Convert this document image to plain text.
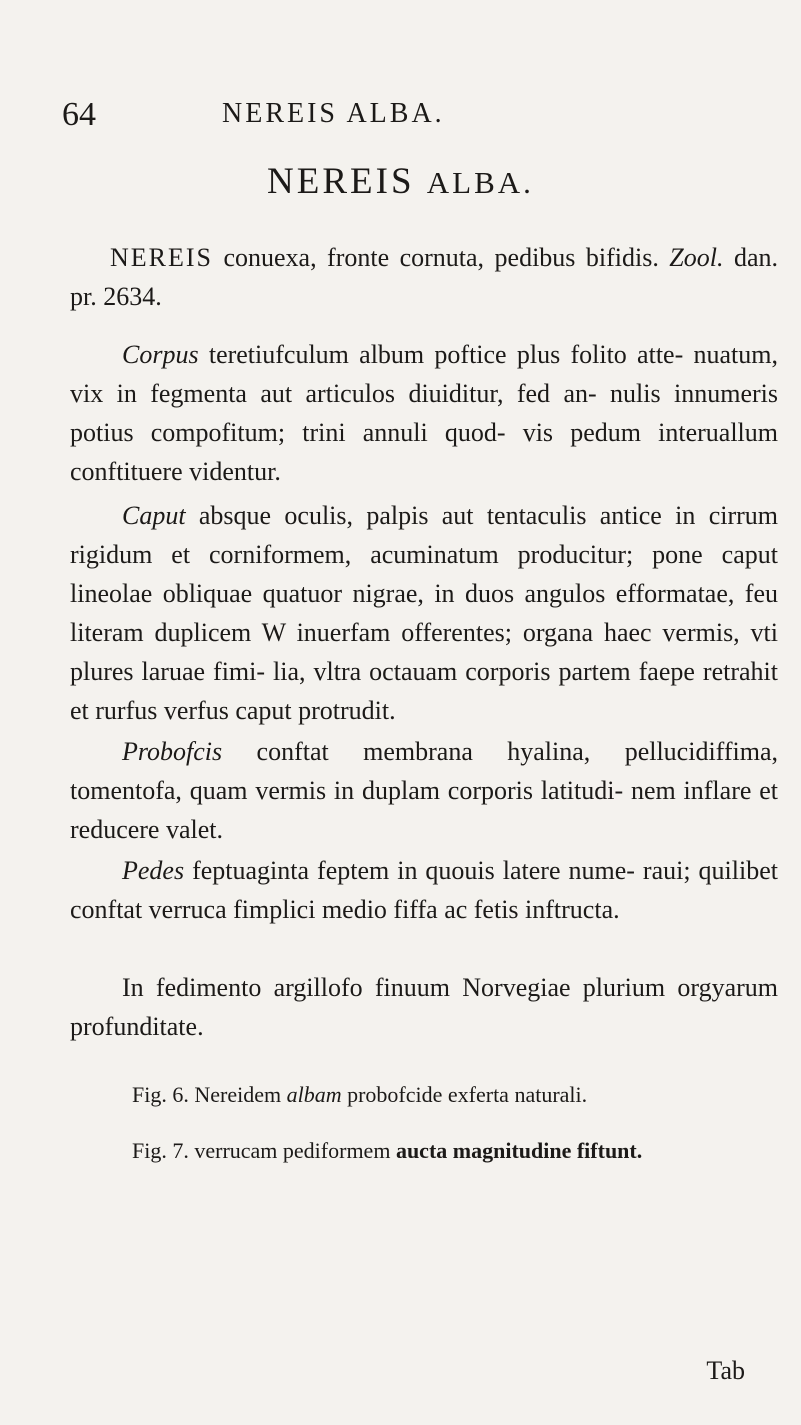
64	NEREIS ALBA.
NEREIS ALBA.

NEREIS conuexa, fronte cornuta, pedibus bifidis. Zool. dan. pr. 2634.

Corpus teretiufculum album poftice plus folito atte- nuatum, vix in fegmenta aut articulos diuiditur, fed an- nulis innumeris potius compofitum; trini annuli quod- vis pedum interuallum conftituere videntur.

Caput absque oculis, palpis aut tentaculis antice in cirrum rigidum et corniformem, acuminatum producitur; pone caput lineolae obliquae quatuor nigrae, in duos angulos efformatae, feu literam duplicem W inuerfam offerentes; organa haec vermis, vti plures laruae fimi- lia, vltra octauam corporis partem faepe retrahit et rurfus verfus caput protrudit.

Probofcis conftat membrana hyalina, pellucidiffima, tomentofa, quam vermis in duplam corporis latitudi- nem inflare et reducere valet.

Pedes feptuaginta feptem in quouis latere nume- raui; quilibet conftat verruca fimplici medio fiffa ac fetis inftructa.

In fedimento argillofo finuum Norvegiae plurium orgyarum profunditate.

Fig. 6. Nereidem albam probofcide exferta naturali.

Fig. 7. verrucam pediformem aucta magnitudine fiftunt.

Tab
